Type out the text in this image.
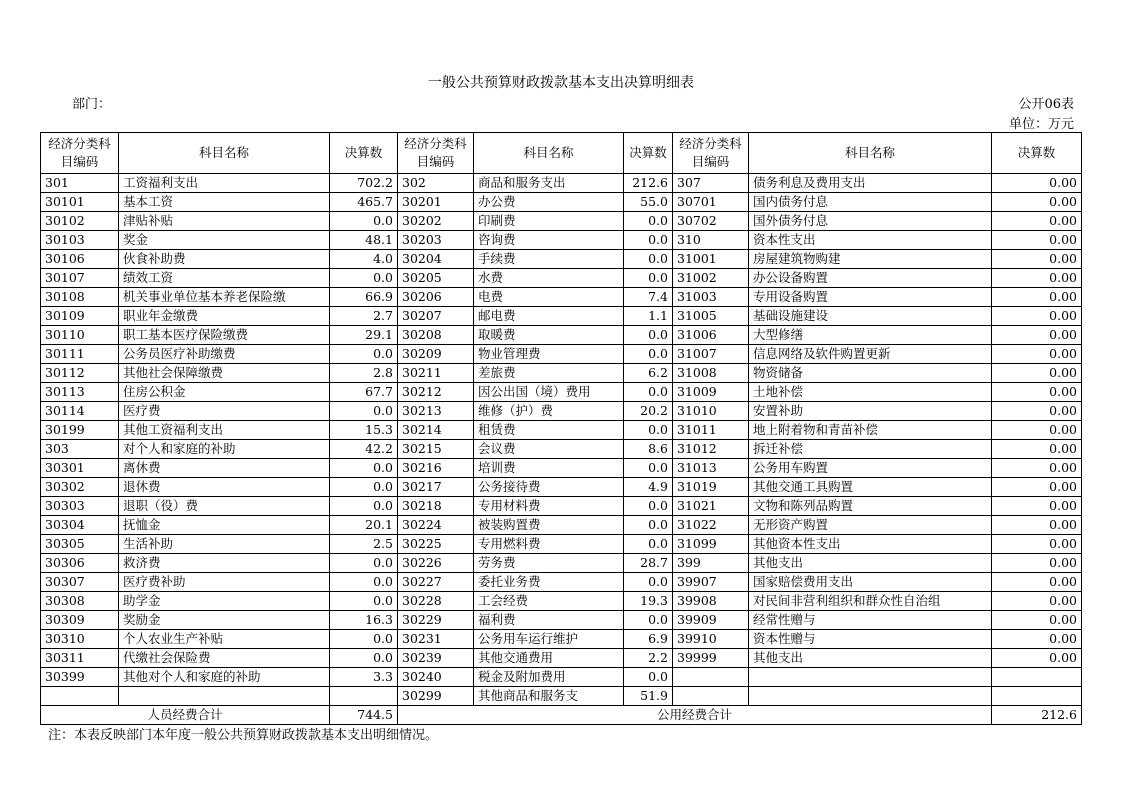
一般公共预算财政拨款基本支出决算明细表
部门：	公开06表
单位：万元
经济分类科目编码	科目名称	决算数	经济分类科目编码	科目名称	决算数	经济分类科目编码	科目名称	决算数
301	工资福利支出	702.2	302	商品和服务支出	212.6	307	债务利息及费用支出	0.00
30101	基本工资	465.7	30201	办公费	55.0	30701	国内债务付息	0.00
30102	津贴补贴	0.0	30202	印刷费	0.0	30702	国外债务付息	0.00
30103	奖金	48.1	30203	咨询费	0.0	310	资本性支出	0.00
30106	伙食补助费	4.0	30204	手续费	0.0	31001	房屋建筑物购建	0.00
30107	绩效工资	0.0	30205	水费	0.0	31002	办公设备购置	0.00
30108	机关事业单位基本养老保险缴	66.9	30206	电费	7.4	31003	专用设备购置	0.00
30109	职业年金缴费	2.7	30207	邮电费	1.1	31005	基础设施建设	0.00
30110	职工基本医疗保险缴费	29.1	30208	取暖费	0.0	31006	大型修缮	0.00
30111	公务员医疗补助缴费	0.0	30209	物业管理费	0.0	31007	信息网络及软件购置更新	0.00
30112	其他社会保障缴费	2.8	30211	差旅费	6.2	31008	物资储备	0.00
30113	住房公积金	67.7	30212	因公出国（境）费用	0.0	31009	土地补偿	0.00
30114	医疗费	0.0	30213	维修（护）费	20.2	31010	安置补助	0.00
30199	其他工资福利支出	15.3	30214	租赁费	0.0	31011	地上附着物和青苗补偿	0.00
303	对个人和家庭的补助	42.2	30215	会议费	8.6	31012	拆迁补偿	0.00
30301	离休费	0.0	30216	培训费	0.0	31013	公务用车购置	0.00
30302	退休费	0.0	30217	公务接待费	4.9	31019	其他交通工具购置	0.00
30303	退职（役）费	0.0	30218	专用材料费	0.0	31021	文物和陈列品购置	0.00
30304	抚恤金	20.1	30224	被装购置费	0.0	31022	无形资产购置	0.00
30305	生活补助	2.5	30225	专用燃料费	0.0	31099	其他资本性支出	0.00
30306	救济费	0.0	30226	劳务费	28.7	399	其他支出	0.00
30307	医疗费补助	0.0	30227	委托业务费	0.0	39907	国家赔偿费用支出	0.00
30308	助学金	0.0	30228	工会经费	19.3	39908	对民间非营利组织和群众性自治组	0.00
30309	奖励金	16.3	30229	福利费	0.0	39909	经常性赠与	0.00
30310	个人农业生产补贴	0.0	30231	公务用车运行维护	6.9	39910	资本性赠与	0.00
30311	代缴社会保险费	0.0	30239	其他交通费用	2.2	39999	其他支出	0.00
30399	其他对个人和家庭的补助	3.3	30240	税金及附加费用	0.0			
			30299	其他商品和服务支	51.9			
人员经费合计		744.5	公用经费合计					212.6
注：本表反映部门本年度一般公共预算财政拨款基本支出明细情况。
